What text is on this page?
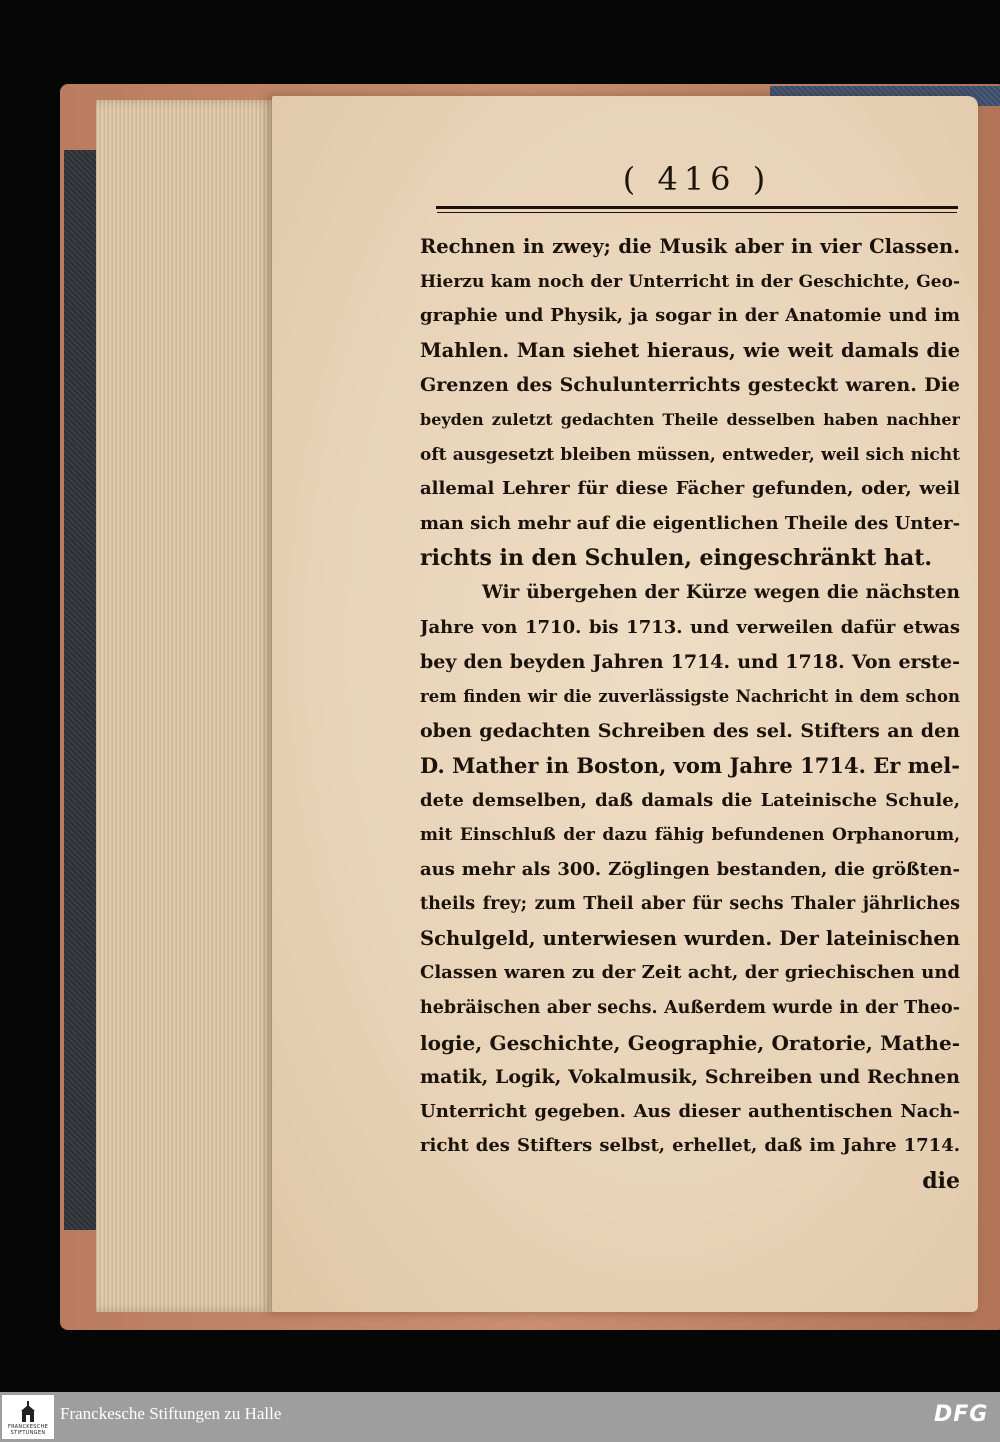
( 416 )
Rechnen in zwey; die Musik aber in vier Classen.
Hierzu kam noch der Unterricht in der Geschichte, Geo-
graphie und Physik, ja sogar in der Anatomie und im
Mahlen. Man siehet hieraus, wie weit damals die
Grenzen des Schulunterrichts gesteckt waren. Die
beyden zuletzt gedachten Theile desselben haben nachher
oft ausgesetzt bleiben müssen, entweder, weil sich nicht
allemal Lehrer für diese Fächer gefunden, oder, weil
man sich mehr auf die eigentlichen Theile des Unter-
richts in den Schulen, eingeschränkt hat.
Wir übergehen der Kürze wegen die nächsten
Jahre von 1710. bis 1713. und verweilen dafür etwas
bey den beyden Jahren 1714. und 1718. Von erste-
rem finden wir die zuverlässigste Nachricht in dem schon
oben gedachten Schreiben des sel. Stifters an den
D. Mather in Boston, vom Jahre 1714. Er mel-
dete demselben, daß damals die Lateinische Schule,
mit Einschluß der dazu fähig befundenen Orphanorum,
aus mehr als 300. Zöglingen bestanden, die größten-
theils frey; zum Theil aber für sechs Thaler jährliches
Schulgeld, unterwiesen wurden. Der lateinischen
Classen waren zu der Zeit acht, der griechischen und
hebräischen aber sechs. Außerdem wurde in der Theo-
logie, Geschichte, Geographie, Oratorie, Mathe-
matik, Logik, Vokalmusik, Schreiben und Rechnen
Unterricht gegeben. Aus dieser authentischen Nach-
richt des Stifters selbst, erhellet, daß im Jahre 1714.
die
FRANCKESCHE STIFTUNGEN
Franckesche Stiftungen zu Halle	DFG
